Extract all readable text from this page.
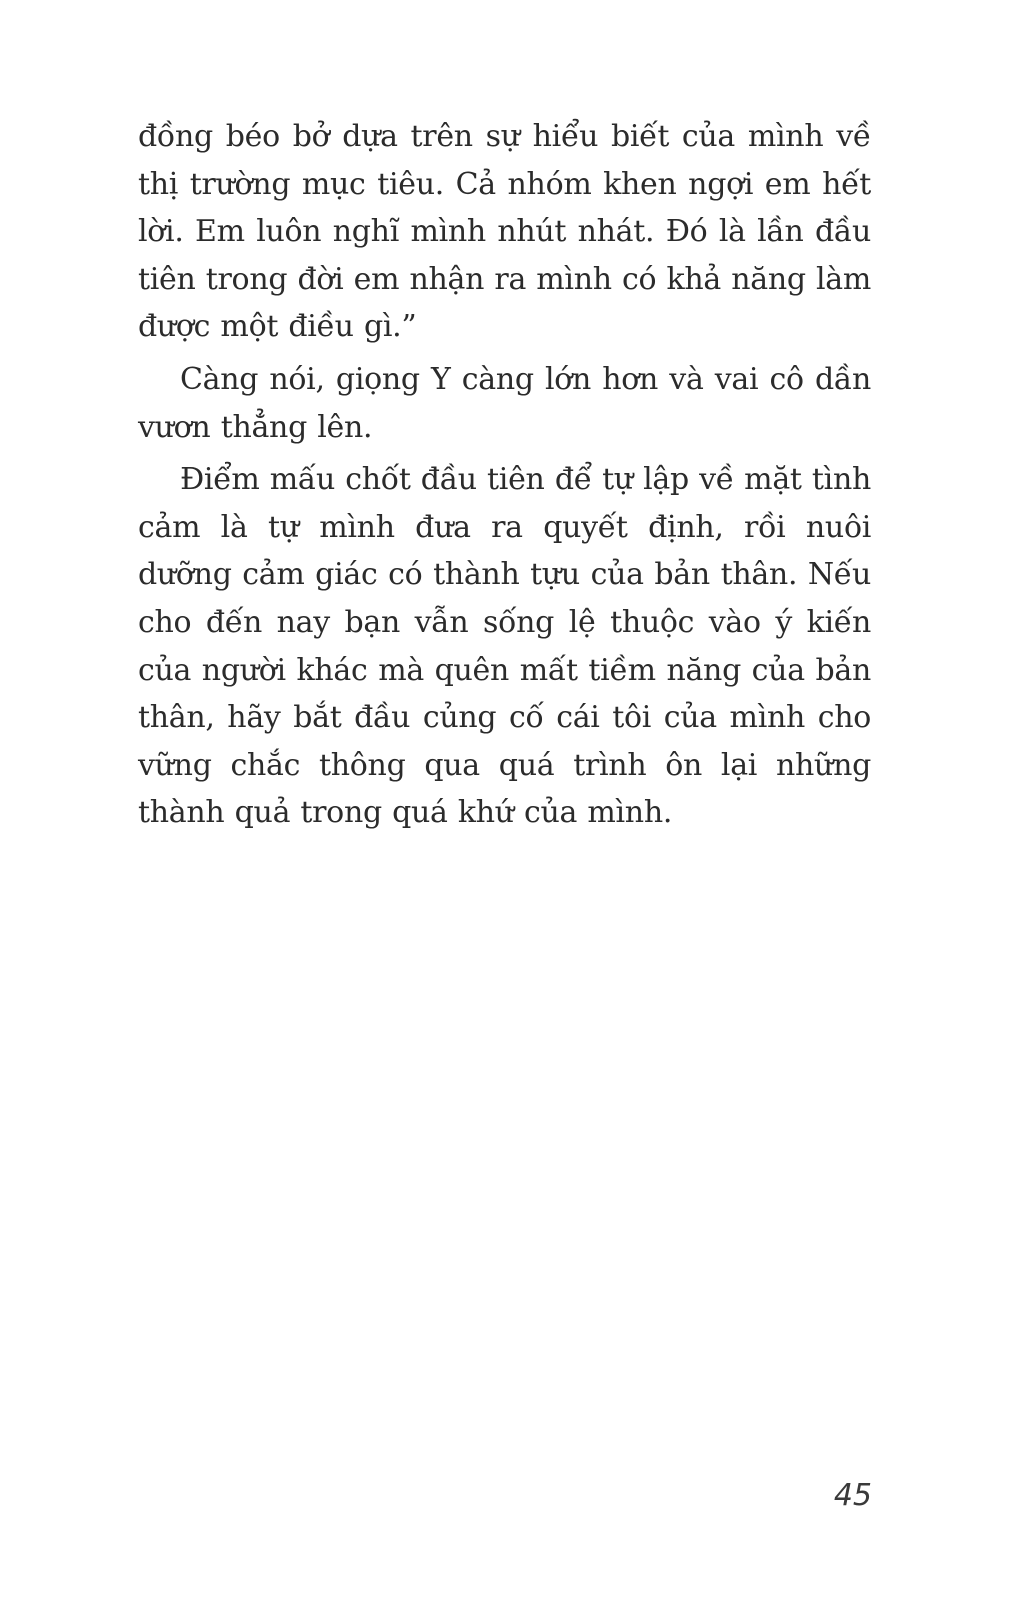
đồng béo bở dựa trên sự hiểu biết của mình về thị trường mục tiêu. Cả nhóm khen ngợi em hết lời. Em luôn nghĩ mình nhút nhát. Đó là lần đầu tiên trong đời em nhận ra mình có khả năng làm được một điều gì.”

Càng nói, giọng Y càng lớn hơn và vai cô dần vươn thẳng lên.

Điểm mấu chốt đầu tiên để tự lập về mặt tình cảm là tự mình đưa ra quyết định, rồi nuôi dưỡng cảm giác có thành tựu của bản thân. Nếu cho đến nay bạn vẫn sống lệ thuộc vào ý kiến của người khác mà quên mất tiềm năng của bản thân, hãy bắt đầu củng cố cái tôi của mình cho vững chắc thông qua quá trình ôn lại những thành quả trong quá khứ của mình.

45
